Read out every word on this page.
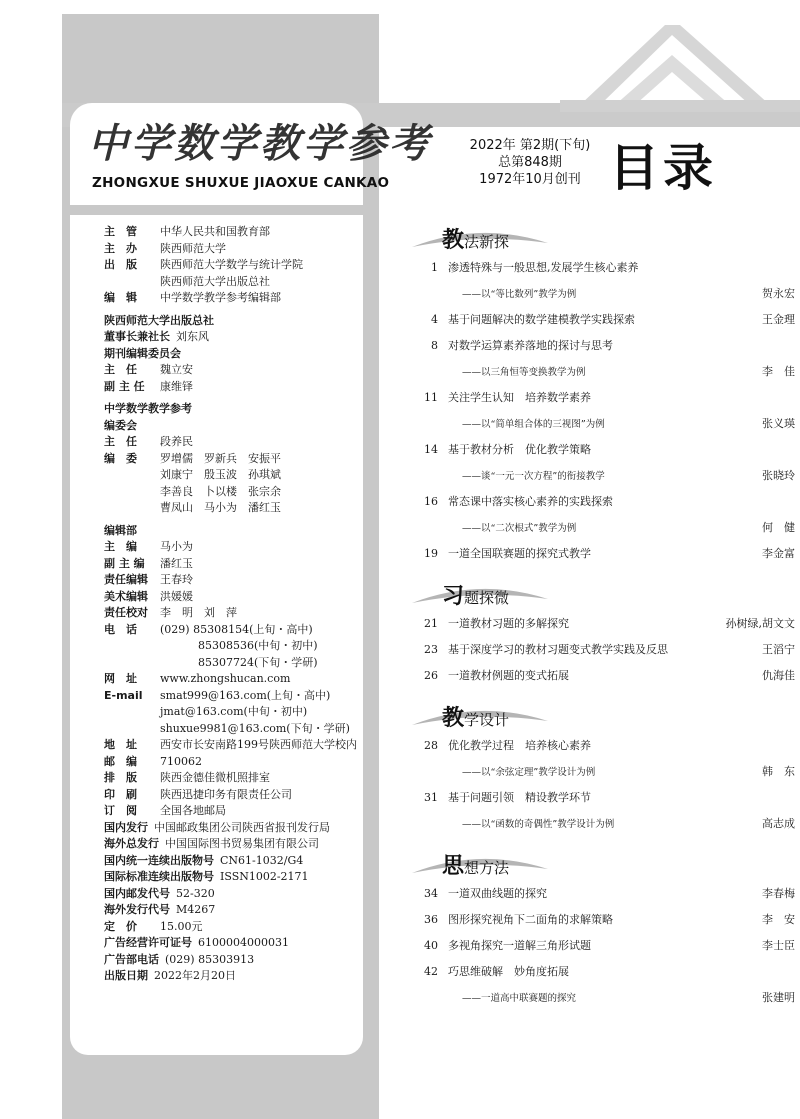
中学数学教学参考
ZHONGXUE SHUXUE JIAOXUE CANKAO
2022年 第2期(下旬)
总第848期
1972年10月创刊 目录
主　管	中华人民共和国教育部
主　办	陕西师范大学
出　版	陕西师范大学数学与统计学院
陕西师范大学出版总社
编　辑	中学数学教学参考编辑部
陕西师范大学出版总社
董事长兼社长 刘东风
期刊编辑委员会
主　任	魏立安
副 主 任	康维铎
中学数学教学参考
编委会
主　任	段养民
编　委	罗增儒　罗新兵　安振平
刘康宁　殷玉波　孙琪斌
李善良　卜以楼　张宗余
曹凤山　马小为　潘红玉
编辑部
主　编	马小为
副 主 编	潘红玉
责任编辑	王春玲
美术编辑	洪媛媛
责任校对	李　明　刘　萍
电　话	(029) 85308154(上旬・高中)
85308536(中旬・初中)
85307724(下旬・学研)
网　址	www.zhongshucan.com
E-mail	smat999@163.com(上旬・高中)
jmat@163.com(中旬・初中)
shuxue9981@163.com(下旬・学研)
地　址	西安市长安南路199号陕西师范大学校内
邮　编	710062
排　版	陕西金德佳微机照排室
印　刷	陕西迅捷印务有限责任公司
订　阅	全国各地邮局
国内发行 中国邮政集团公司陕西省报刊发行局
海外总发行 中国国际图书贸易集团有限公司
国内统一连续出版物号 CN61-1032/G4
国际标准连续出版物号 ISSN1002-2171
国内邮发代号 52-320
海外发行代号 M4267
定　价	15.00元
广告经营许可证号 6100004000031
广告部电话 (029) 85303913
出版日期 2022年2月20日
教法新探
1 渗透特殊与一般思想,发展学生核心素养
——以“等比数列”教学为例	贺永宏
4 基于问题解决的数学建模教学实践探索	王金理
8 对数学运算素养落地的探讨与思考
——以三角恒等变换教学为例	李　佳
11 关注学生认知　培养数学素养
——以“简单组合体的三视图”为例	张义瑛
14 基于教材分析　优化教学策略
——谈“一元一次方程”的衔接教学	张晓玲
16 常态课中落实核心素养的实践探索
——以“二次根式”教学为例	何　健
19 一道全国联赛题的探究式教学	李金富
习题探微
21 一道教材习题的多解探究	孙树绿,胡文文
23 基于深度学习的教材习题变式教学实践及反思	王滔宁
26 一道教材例题的变式拓展	仇海佳
教学设计
28 优化教学过程　培养核心素养
——以“余弦定理”教学设计为例	韩　东
31 基于问题引领　精设教学环节
——以“函数的奇偶性”教学设计为例	高志成
思想方法
34 一道双曲线题的探究	李春梅
36 图形探究视角下二面角的求解策略	李　安
40 多视角探究一道解三角形试题	李士臣
42 巧思维破解　妙角度拓展
——一道高中联赛题的探究	张建明
